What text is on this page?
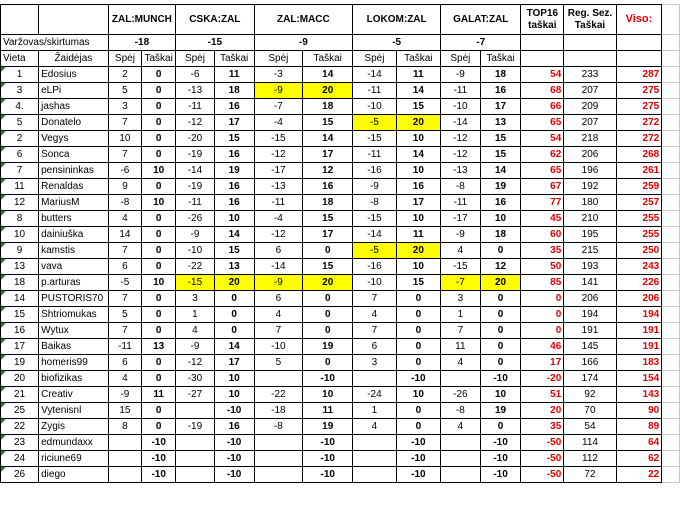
		ZAL:MUNCH		CSKA:ZAL		ZAL:MACC		LOKOM:ZAL		GALAT:ZAL		TOP16
taškai	Reg. Sez.
Taškai	Viso:	
Varžovas/skirtumas		-18		-15		-9		-5		-7					
Vieta	Žaidėjas	Spėj	Taškai	Spėj	Taškai	Spėj	Taškai	Spėj	Taškai	Spėj	Taškai				
1	Edosius	2	0	-6	11	-3	14	-14	11	-9	18	54	233	287	
3	eLPi	5	0	-13	18	-9	20	-11	14	-11	16	68	207	275	
4.	jashas	3	0	-11	16	-7	18	-10	15	-10	17	66	209	275	
5	Donatelo	7	0	-12	17	-4	15	-5	20	-14	13	65	207	272	
2	Vegys	10	0	-20	15	-15	14	-15	10	-12	15	54	218	272	
6	Sonca	7	0	-19	16	-12	17	-11	14	-12	15	62	206	268	
7	pensininkas	-6	10	-14	19	-17	12	-16	10	-13	14	65	196	261	
11	Renaldas	9	0	-19	16	-13	16	-9	16	-8	19	67	192	259	
12	MariusM	-8	10	-11	16	-11	18	-8	17	-11	16	77	180	257	
8	butters	4	0	-26	10	-4	15	-15	10	-17	10	45	210	255	
10	dainiuška	14	0	-9	14	-12	17	-14	11	-9	18	60	195	255	
9	kamstis	7	0	-10	15	6	0	-5	20	4	0	35	215	250	
13	vava	6	0	-22	13	-14	15	-16	10	-15	12	50	193	243	
18	p.arturas	-5	10	-15	20	-9	20	-10	15	-7	20	85	141	226	
14	PUSTORIS70	7	0	3	0	6	0	7	0	3	0	0	206	206	
15	Shtriomukas	5	0	1	0	4	0	4	0	1	0	0	194	194	
16	Wytux	7	0	4	0	7	0	7	0	7	0	0	191	191	
17	Baikas	-11	13	-9	14	-10	19	6	0	11	0	46	145	191	
19	homeris99	6	0	-12	17	5	0	3	0	4	0	17	166	183	
20	biofizikas	4	0	-30	10		-10		-10		-10	-20	174	154	
21	Creativ	-9	11	-27	10	-22	10	-24	10	-26	10	51	92	143	
25	Vytenisnl	15	0		-10	-18	11	1	0	-8	19	20	70	90	
22	Zygis	8	0	-19	16	-8	19	4	0	4	0	35	54	89	
23	edmundaxx		-10		-10		-10		-10		-10	-50	114	64	
24	riciune69		-10		-10		-10		-10		-10	-50	112	62	
26	diego		-10		-10		-10		-10		-10	-50	72	22	
